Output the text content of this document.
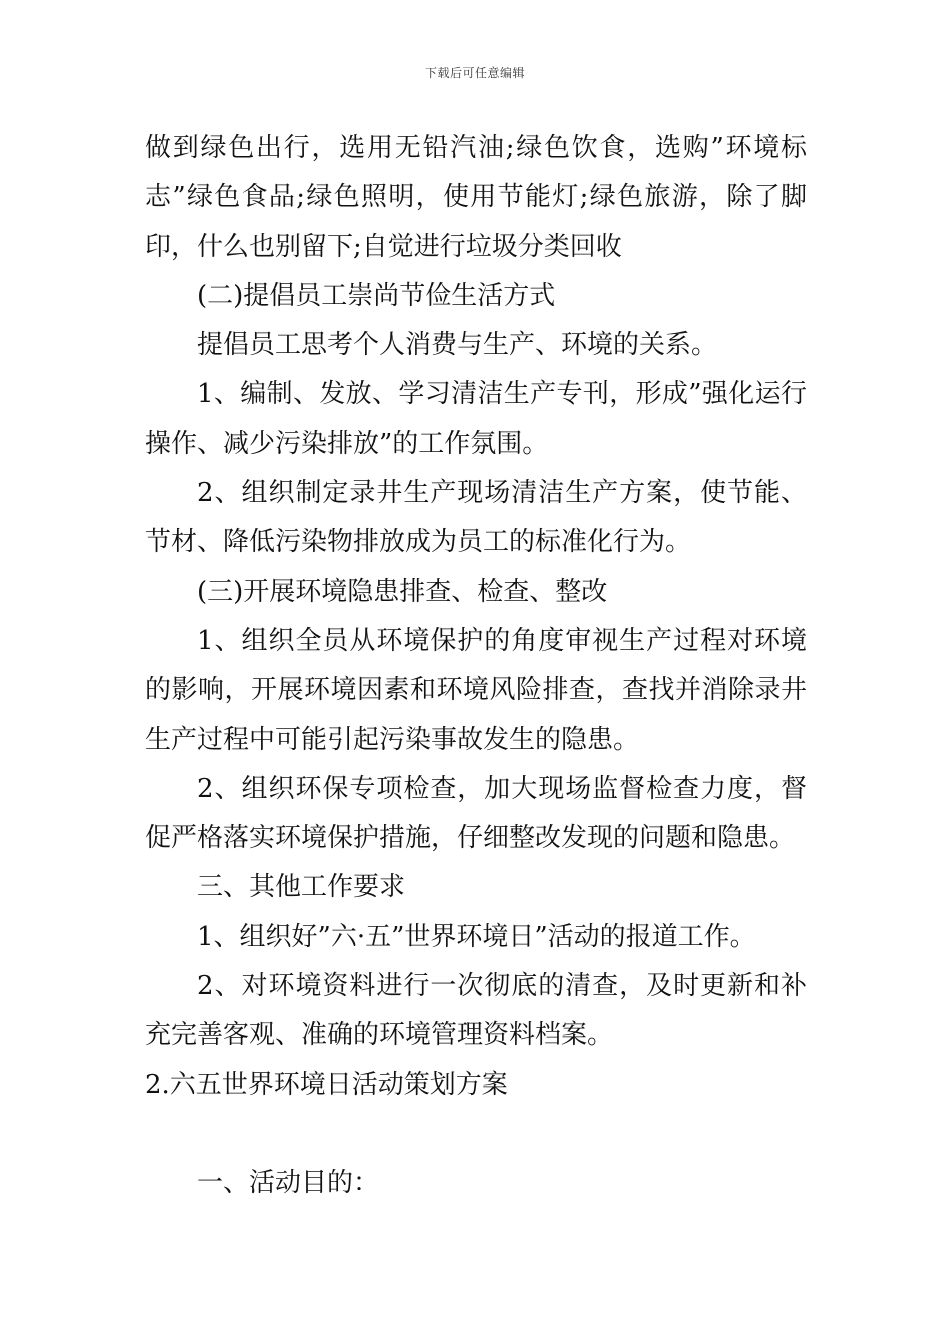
下载后可任意编辑

做到绿色出行，选用无铅汽油;绿色饮食，选购”环境标志”绿色食品;绿色照明，使用节能灯;绿色旅游，除了脚印，什么也别留下;自觉进行垃圾分类回收

(二)提倡员工崇尚节俭生活方式

提倡员工思考个人消费与生产、环境的关系。

1、编制、发放、学习清洁生产专刊，形成”强化运行操作、减少污染排放”的工作氛围。

2、组织制定录井生产现场清洁生产方案，使节能、节材、降低污染物排放成为员工的标准化行为。

(三)开展环境隐患排查、检查、整改

1、组织全员从环境保护的角度审视生产过程对环境的影响，开展环境因素和环境风险排查，查找并消除录井生产过程中可能引起污染事故发生的隐患。

2、组织环保专项检查，加大现场监督检查力度，督促严格落实环境保护措施，仔细整改发现的问题和隐患。

三、其他工作要求

1、组织好”六·五”世界环境日”活动的报道工作。

2、对环境资料进行一次彻底的清查，及时更新和补充完善客观、准确的环境管理资料档案。

2.六五世界环境日活动策划方案

一、活动目的：
